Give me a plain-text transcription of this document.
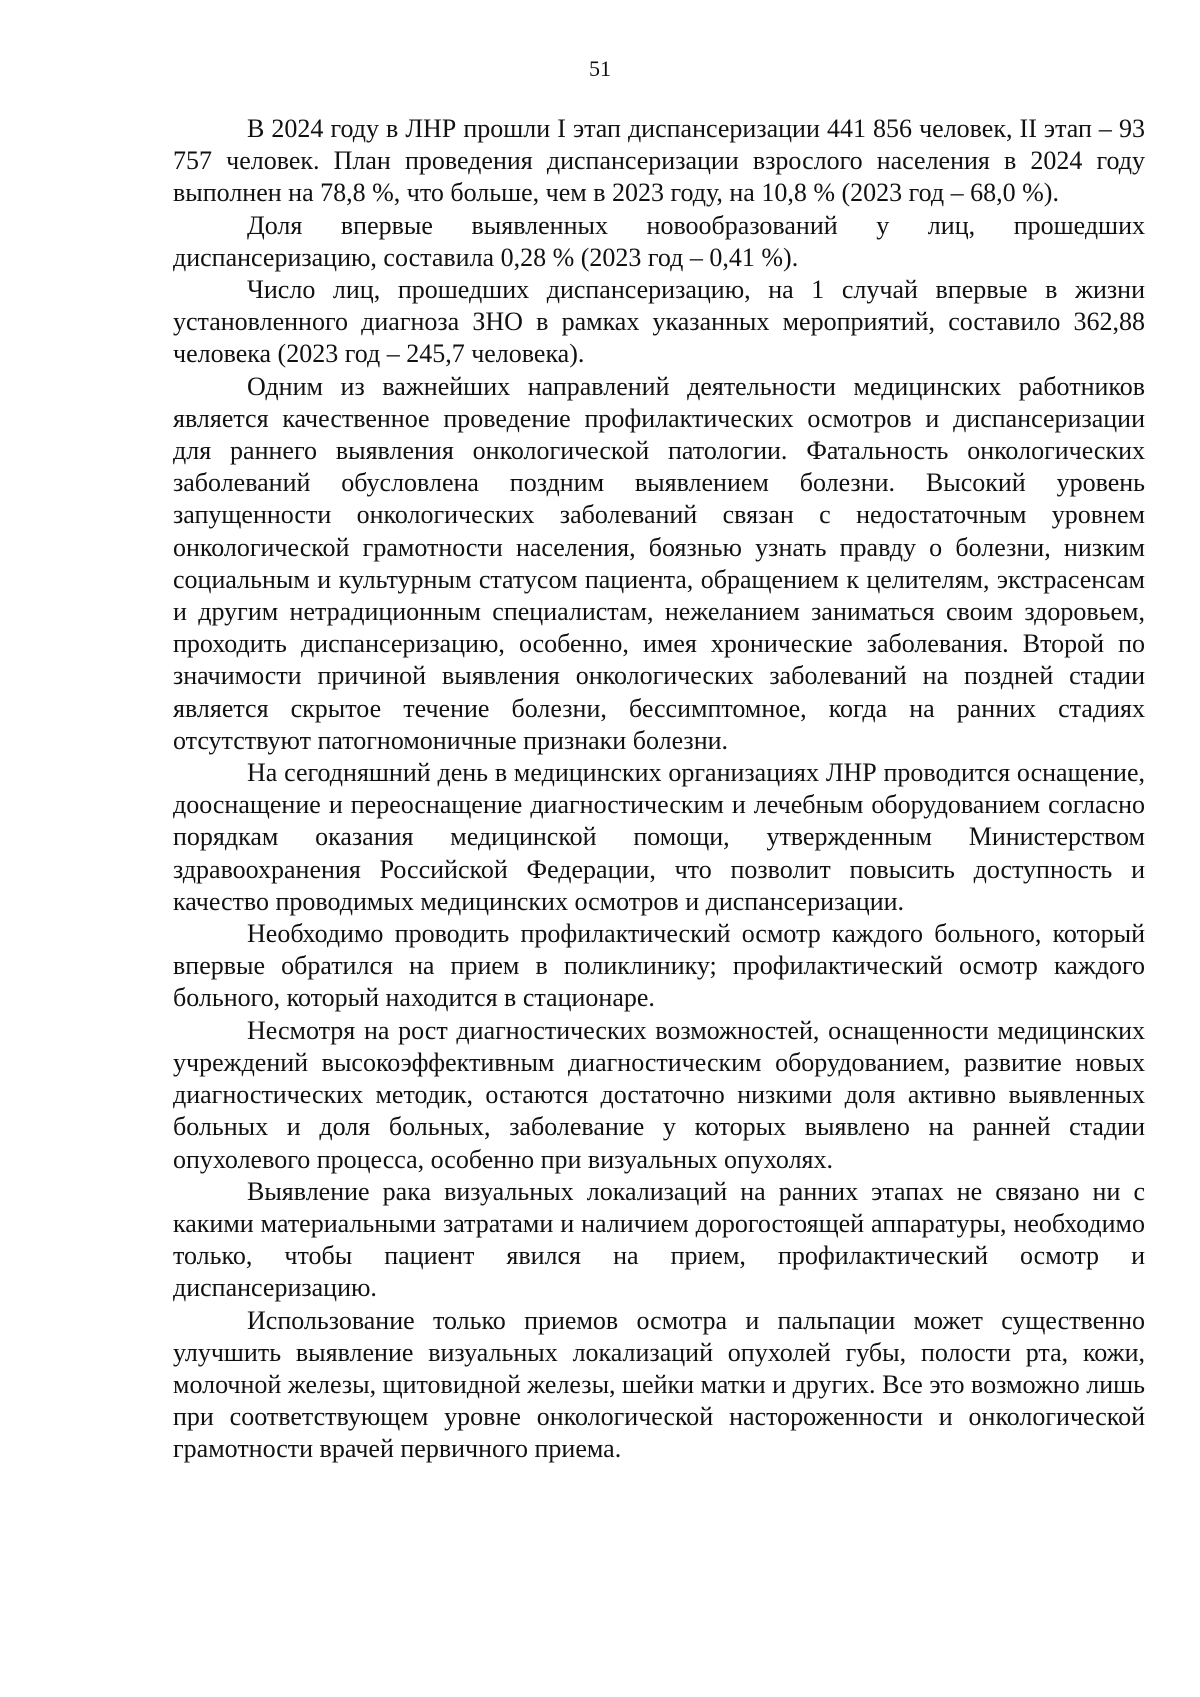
51

В 2024 году в ЛНР прошли I этап диспансеризации 441 856 человек, II этап – 93 757 человек. План проведения диспансеризации взрослого населения в 2024 году выполнен на 78,8 %, что больше, чем в 2023 году, на 10,8 % (2023 год – 68,0 %).

Доля впервые выявленных новообразований у лиц, прошедших диспансеризацию, составила 0,28 % (2023 год – 0,41 %).

Число лиц, прошедших диспансеризацию, на 1 случай впервые в жизни установленного диагноза ЗНО в рамках указанных мероприятий, составило 362,88 человека (2023 год – 245,7 человека).

Одним из важнейших направлений деятельности медицинских работников является качественное проведение профилактических осмотров и диспансеризации для раннего выявления онкологической патологии. Фатальность онкологических заболеваний обусловлена поздним выявлением болезни. Высокий уровень запущенности онкологических заболеваний связан с недостаточным уровнем онкологической грамотности населения, боязнью узнать правду о болезни, низким социальным и культурным статусом пациента, обращением к целителям, экстрасенсам и другим нетрадиционным специалистам, нежеланием заниматься своим здоровьем, проходить диспансеризацию, особенно, имея хронические заболевания. Второй по значимости причиной выявления онкологических заболеваний на поздней стадии является скрытое течение болезни, бессимптомное, когда на ранних стадиях отсутствуют патогномоничные признаки болезни.

На сегодняшний день в медицинских организациях ЛНР проводится оснащение, дооснащение и переоснащение диагностическим и лечебным оборудованием согласно порядкам оказания медицинской помощи, утвержденным Министерством здравоохранения Российской Федерации, что позволит повысить доступность и качество проводимых медицинских осмотров и диспансеризации.

Необходимо проводить профилактический осмотр каждого больного, который впервые обратился на прием в поликлинику; профилактический осмотр каждого больного, который находится в стационаре.

Несмотря на рост диагностических возможностей, оснащенности медицинских учреждений высокоэффективным диагностическим оборудованием, развитие новых диагностических методик, остаются достаточно низкими доля активно выявленных больных и доля больных, заболевание у которых выявлено на ранней стадии опухолевого процесса, особенно при визуальных опухолях.

Выявление рака визуальных локализаций на ранних этапах не связано ни с какими материальными затратами и наличием дорогостоящей аппаратуры, необходимо только, чтобы пациент явился на прием, профилактический осмотр и диспансеризацию.

Использование только приемов осмотра и пальпации может существенно улучшить выявление визуальных локализаций опухолей губы, полости рта, кожи, молочной железы, щитовидной железы, шейки матки и других. Все это возможно лишь при соответствующем уровне онкологической настороженности и онкологической грамотности врачей первичного приема.
